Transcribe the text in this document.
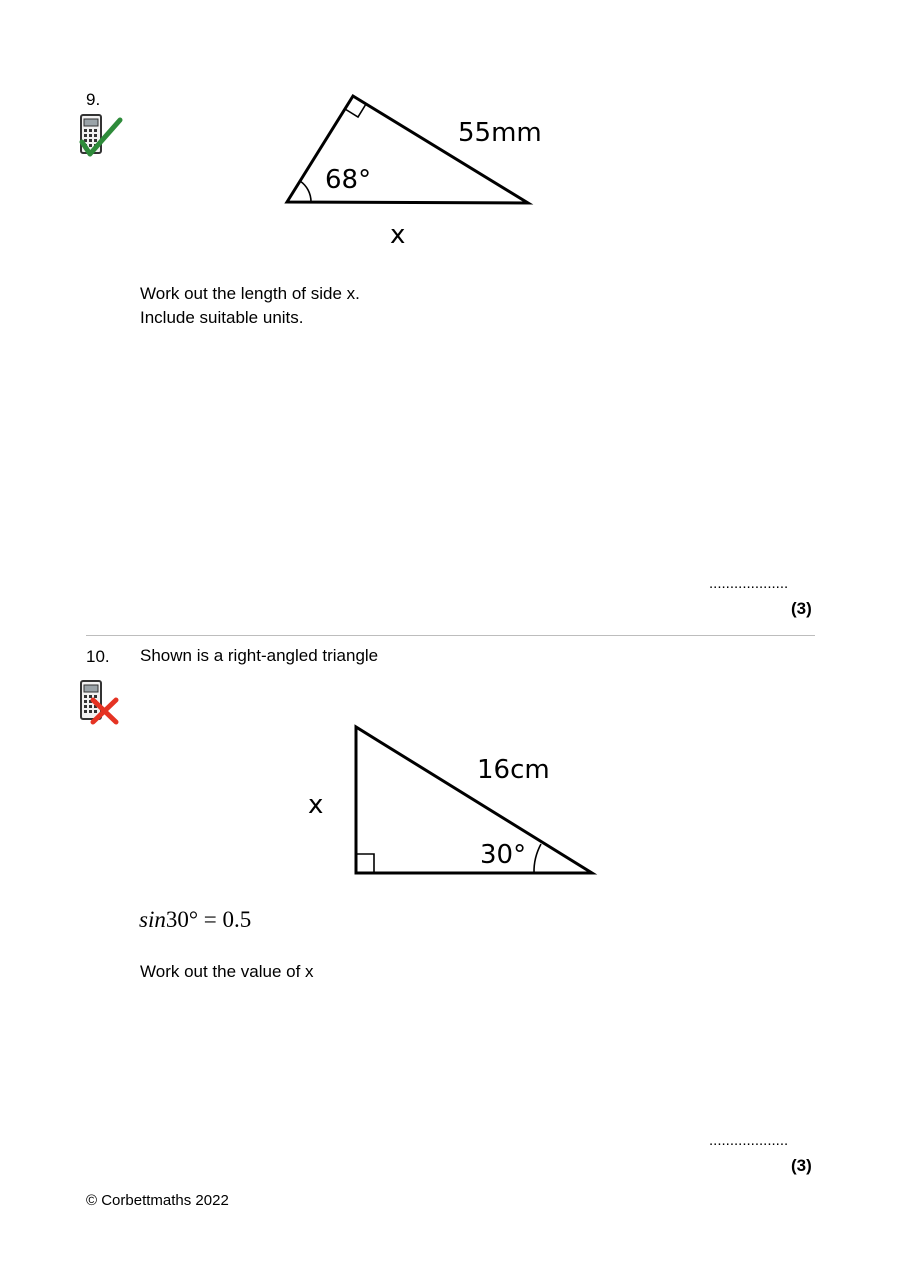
9.
55mm
68°
x
Work out the length of side x.
Include suitable units.
...................
(3)
10. Shown is a right-angled triangle
16cm
30°
x
sin30° = 0.5
Work out the value of x
...................
(3)
© Corbettmaths 2022
